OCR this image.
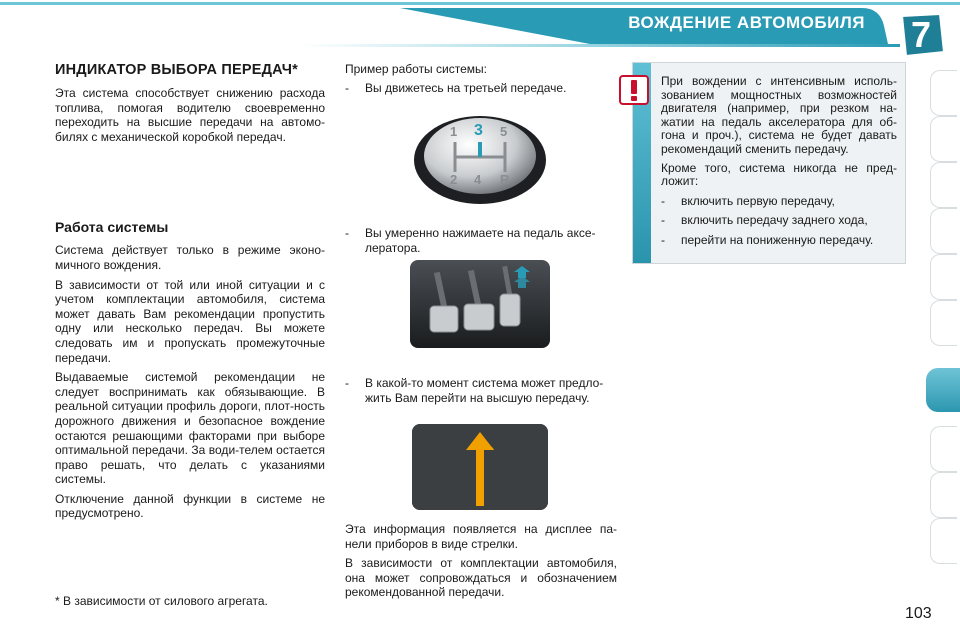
ВОЖДЕНИЕ АВТОМОБИЛЯ	7
ИНДИКАТОР ВЫБОРА ПЕРЕДАЧ*

Эта система способствует снижению расхода топлива, помогая водителю своевременно переходить на высшие передачи на автомо-билях с механической коробкой передач.

Работа системы

Система действует только в режиме эконо-мичного вождения.

В зависимости от той или иной ситуации и с учетом комплектации автомобиля, система может давать Вам рекомендации пропустить одну или несколько передач. Вы можете следовать им и пропускать промежуточные передачи.

Выдаваемые системой рекомендации не следует воспринимать как обязывающие. В реальной ситуации профиль дороги, плот-ность дорожного движения и безопасное вождение остаются решающими факторами при выборе оптимальной передачи. За води-телем остается право решать, что делать с указаниями системы.

Отключение данной функции в системе не предусмотрено.

* В зависимости от силового агрегата.

Пример работы системы:

-	Вы движетесь на третьей передаче.
1 3 5
2 4 R
-	Вы умеренно нажимаете на педаль аксе-лератора.
-	В какой-то момент система может предло-жить Вам перейти на высшую передачу.

Эта информация появляется на дисплее па-нели приборов в виде стрелки.

В зависимости от комплектации автомобиля, она может сопровождаться и обозначением рекомендованной передачи.

При вождении с интенсивным исполь-зованием мощностных возможностей двигателя (например, при резком на-жатии на педаль акселератора для об-гона и проч.), система не будет давать рекомендаций сменить передачу.

Кроме того, система никогда не пред-ложит:

-	включить первую передачу,
-	включить передачу заднего хода,
-	перейти на пониженную передачу.
103
